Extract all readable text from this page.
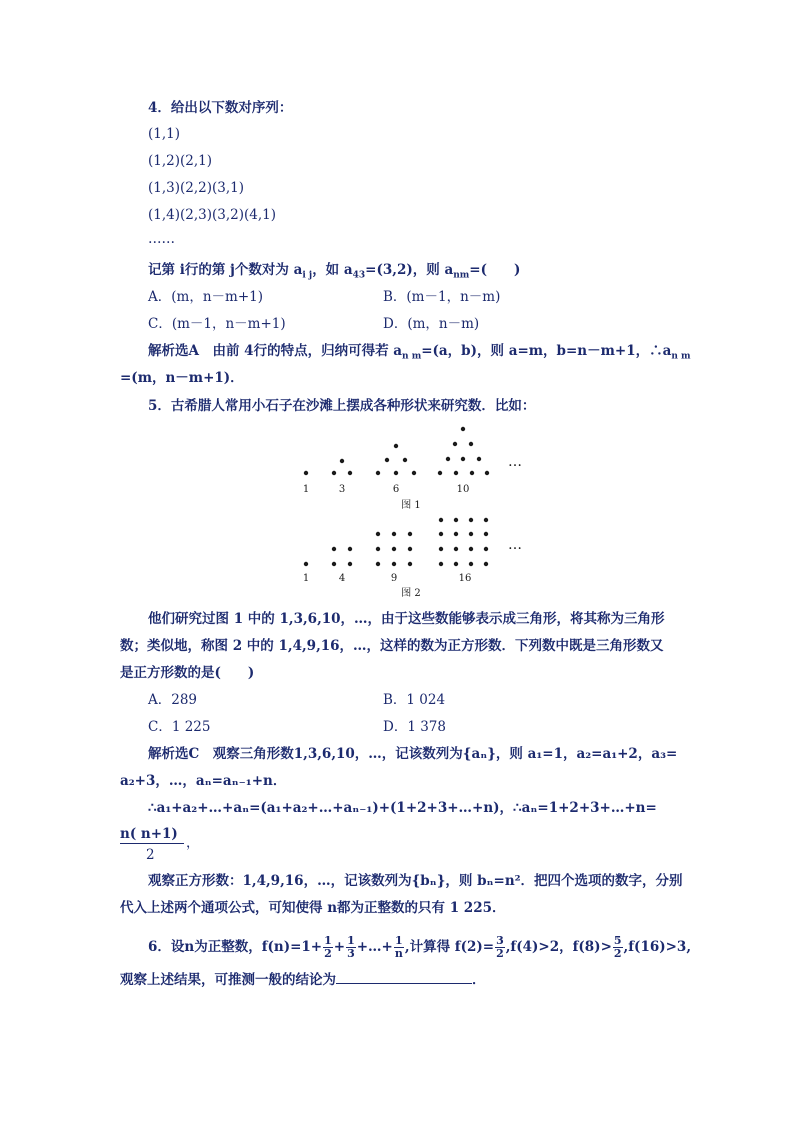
4．给出以下数对序列：
(1,1)
(1,2)(2,1)
(1,3)(2,2)(3,1)
(1,4)(2,3)(3,2)(4,1)
……
记第 i行的第 j个数对为 $a_{i j}$，如 $a_{43}=(3,2)$，则 $a_{nm}=$(　　)
A．(m，n－m+1)	B．(m－1，n－m)
C．(m－1，n－m+1)	D．(m，n－m)
解析选A　由前 4行的特点，归纳可得若 $a_{n m}=(a$，b)，则 a=m，b=n－m+1，$\therefore a_{n m}$
=(m，n－m+1)．
5．古希腊人常用小石子在沙滩上摆成各种形状来研究数．比如：
…
1	3	6	10
图 1
…
1	4	9	16
图 2
他们研究过图 1 中的 1,3,6,10，…，由于这些数能够表示成三角形，将其称为三角形
数；类似地，称图 2 中的 1,4,9,16，…，这样的数为正方形数．下列数中既是三角形数又
是正方形数的是(　　)
A．289	B．1 024
C．1 225	D．1 378
解析选C　观察三角形数1,3,6,10，…，记该数列为{aₙ}，则 a₁=1，a₂=a₁+2，a₃=
a₂+3，…，aₙ=aₙ₋₁+n．
∴a₁+a₂+…+aₙ=(a₁+a₂+…+aₙ₋₁)+(1+2+3+…+n)，∴aₙ=1+2+3+…+n=
n( n+1)
，
2
观察正方形数：1,4,9,16，…，记该数列为{bₙ}，则 bₙ=n²．把四个选项的数字，分别
代入上述两个通项公式，可知使得 n都为正整数的只有 1 225．
6．设n为正整数，$f(n)=1+ \frac{1}{2} + \frac{1}{3}$ +…+ $\frac{1}{n}$ ,计算得 $f(2)= \frac{3}{2} ,f(4)>2$，$f(8)> \frac{5}{2} ,f(16)>3$,
观察上述结果，可推测一般的结论为	．
